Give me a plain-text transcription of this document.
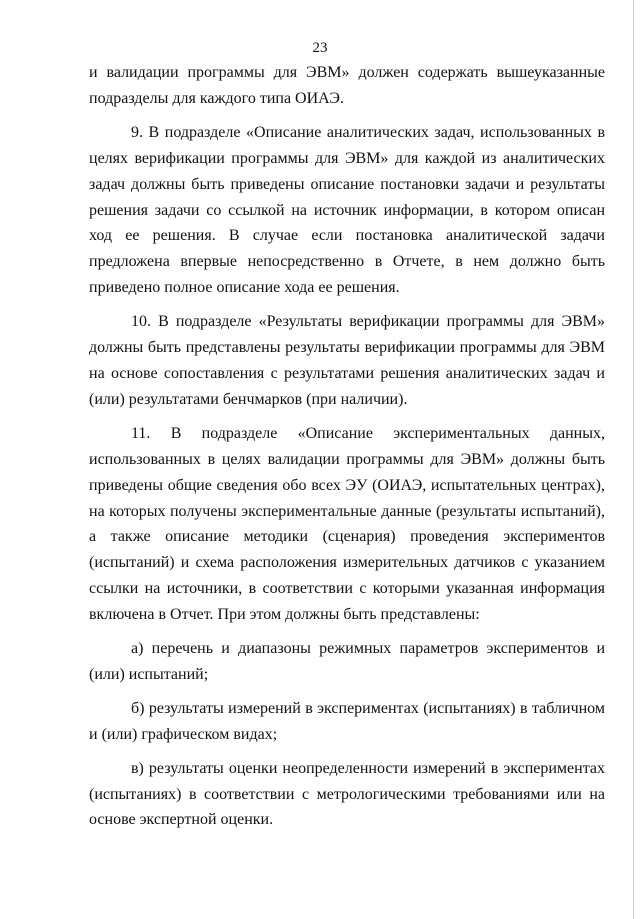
23

и валидации программы для ЭВМ» должен содержать вышеуказанные подразделы для каждого типа ОИАЭ.

9. В подразделе «Описание аналитических задач, использованных в целях верификации программы для ЭВМ» для каждой из аналитических задач должны быть приведены описание постановки задачи и результаты решения задачи со ссылкой на источник информации, в котором описан ход ее решения. В случае если постановка аналитической задачи предложена впервые непосредственно в Отчете, в нем должно быть приведено полное описание хода ее решения.

10. В подразделе «Результаты верификации программы для ЭВМ» должны быть представлены результаты верификации программы для ЭВМ на основе сопоставления с результатами решения аналитических задач и (или) результатами бенчмарков (при наличии).

11. В подразделе «Описание экспериментальных данных, использованных в целях валидации программы для ЭВМ» должны быть приведены общие сведения обо всех ЭУ (ОИАЭ, испытательных центрах), на которых получены экспериментальные данные (результаты испытаний), а также описание методики (сценария) проведения экспериментов (испытаний) и схема расположения измерительных датчиков с указанием ссылки на источники, в соответствии с которыми указанная информация включена в Отчет. При этом должны быть представлены:

а) перечень и диапазоны режимных параметров экспериментов и (или) испытаний;

б) результаты измерений в экспериментах (испытаниях) в табличном и (или) графическом видах;

в) результаты оценки неопределенности измерений в экспериментах (испытаниях) в соответствии с метрологическими требованиями или на основе экспертной оценки.
